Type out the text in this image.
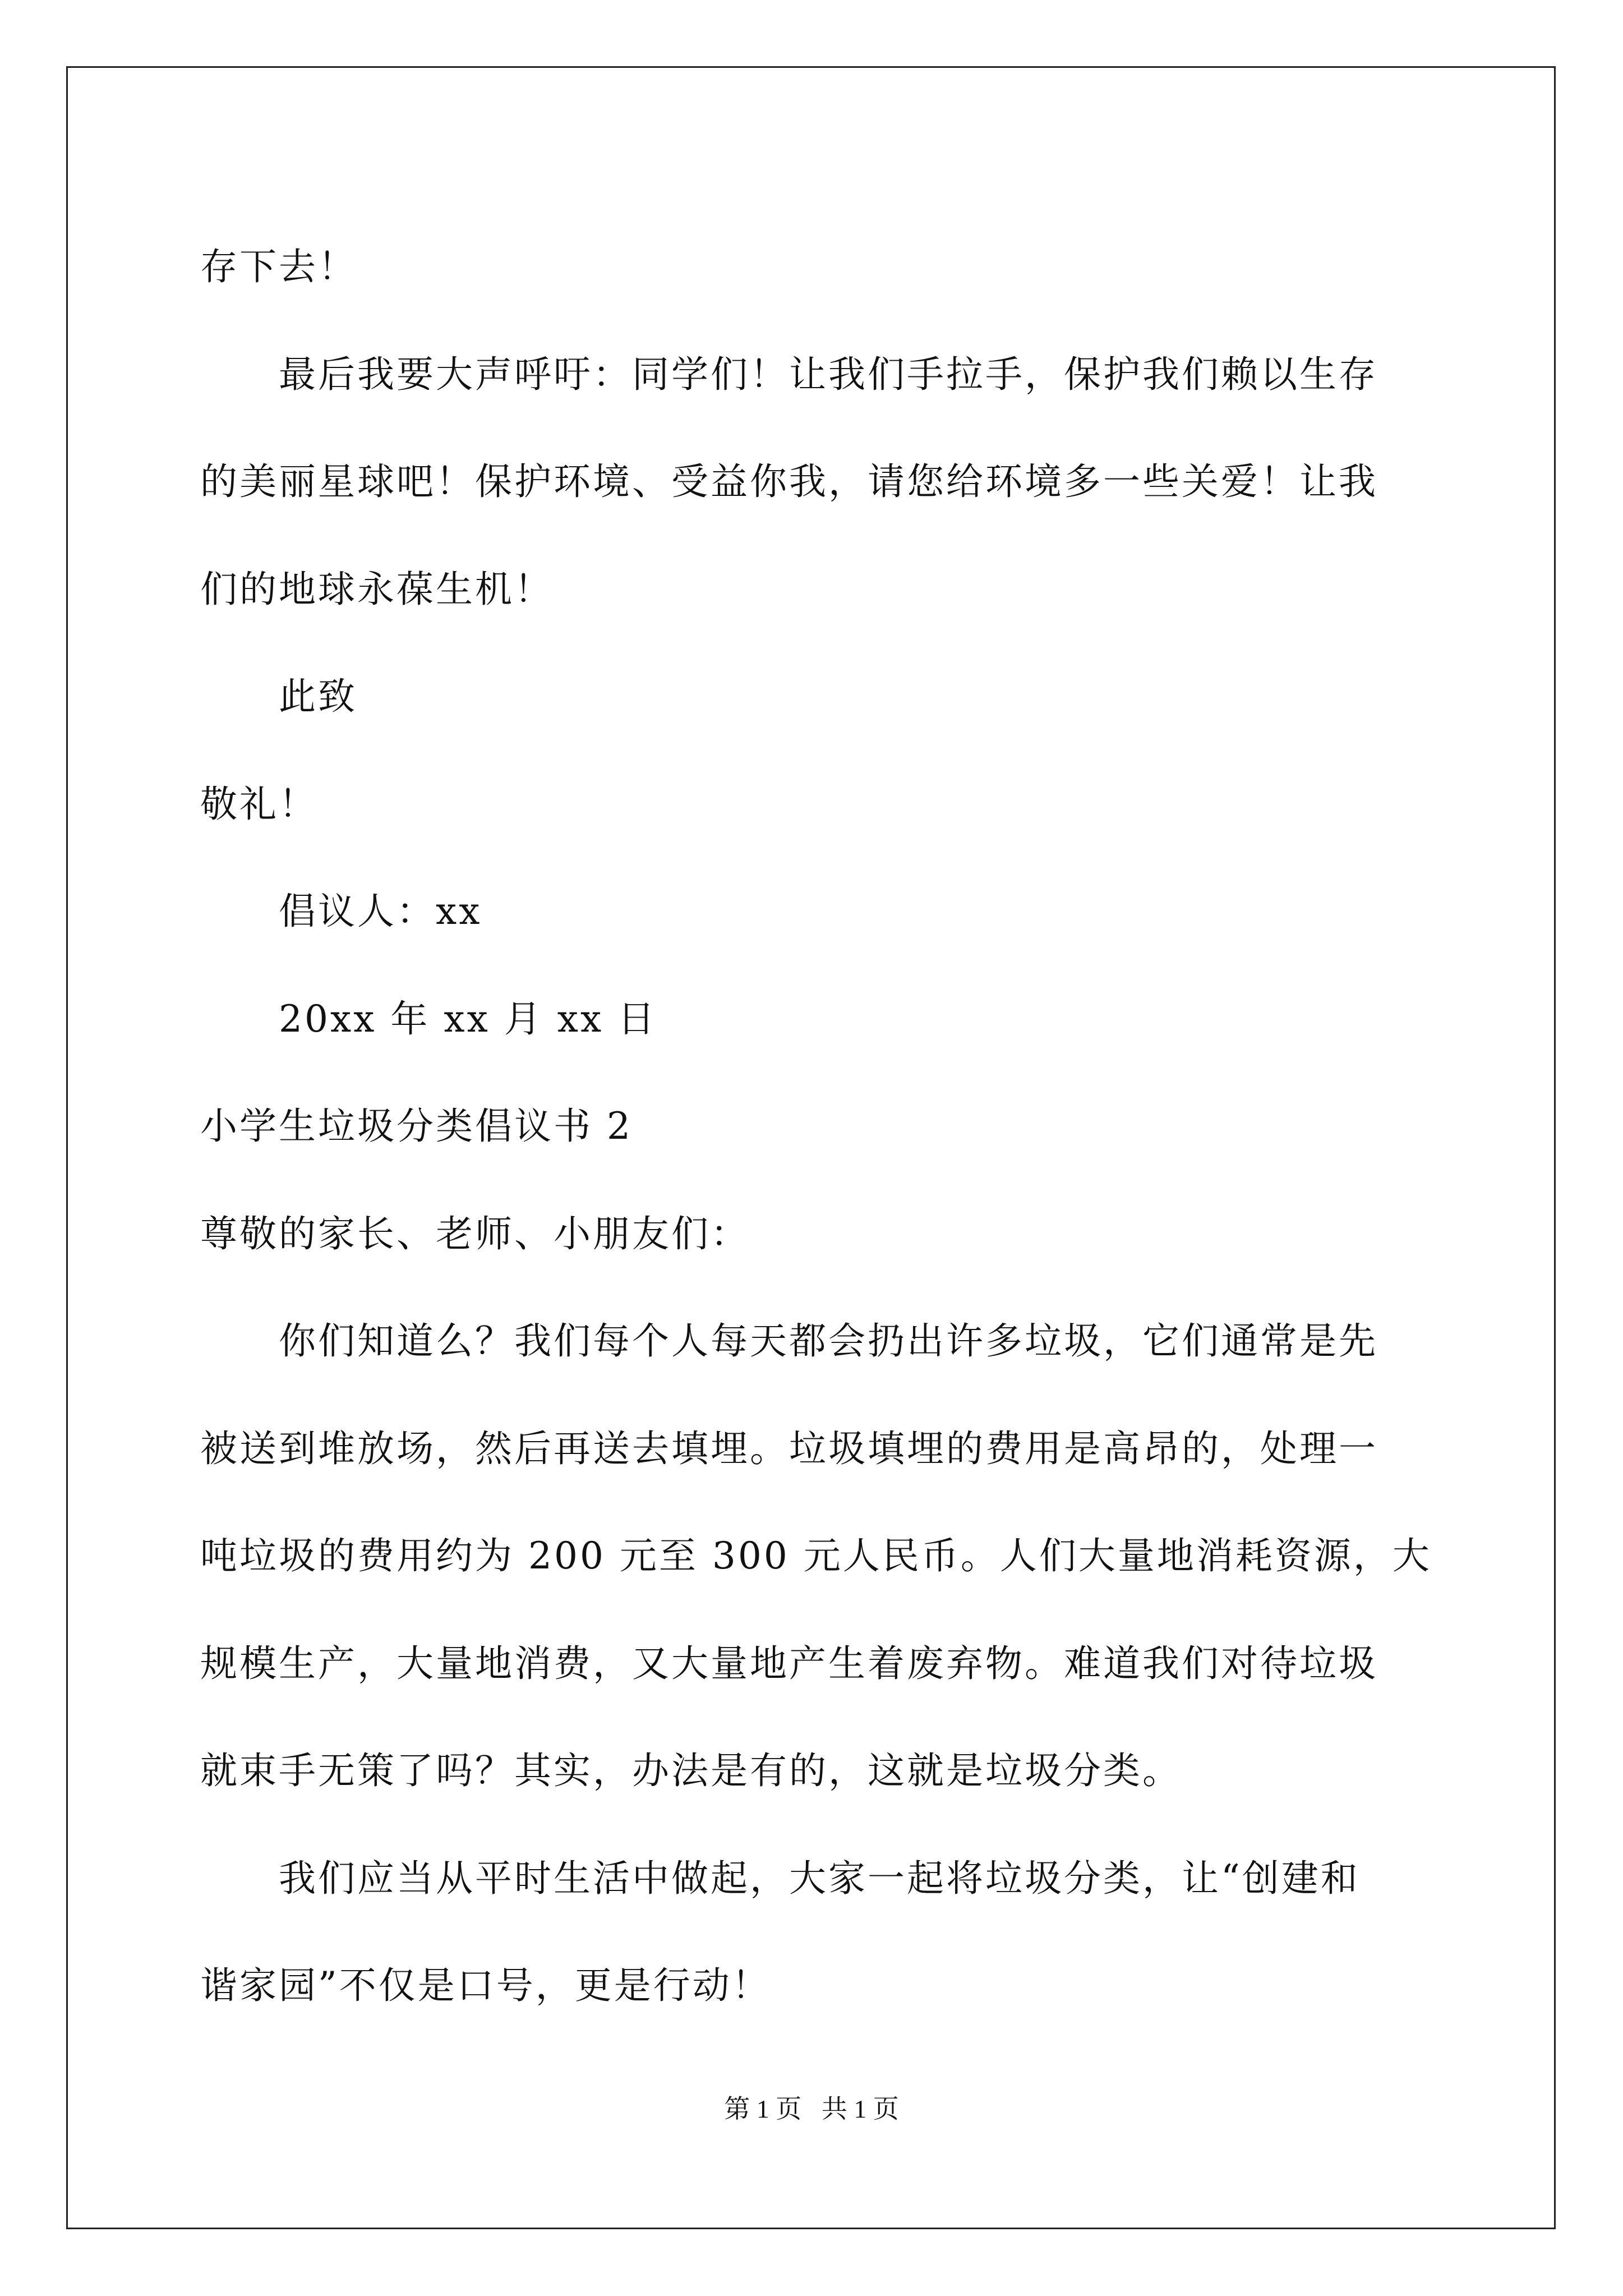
存下去！
最后我要大声呼吁：同学们！让我们手拉手，保护我们赖以生存
的美丽星球吧！保护环境、受益你我，请您给环境多一些关爱！让我
们的地球永葆生机！
此致
敬礼！
倡议人：xx
20xx 年 xx 月 xx 日
小学生垃圾分类倡议书 2
尊敬的家长、老师、小朋友们：
你们知道么？我们每个人每天都会扔出许多垃圾，它们通常是先
被送到堆放场，然后再送去填埋。垃圾填埋的费用是高昂的，处理一
吨垃圾的费用约为 200 元至 300 元人民币。人们大量地消耗资源，大
规模生产，大量地消费，又大量地产生着废弃物。难道我们对待垃圾
就束手无策了吗？其实，办法是有的，这就是垃圾分类。
我们应当从平时生活中做起，大家一起将垃圾分类，让“创建和
谐家园”不仅是口号，更是行动！
第 1 页 共 1 页
